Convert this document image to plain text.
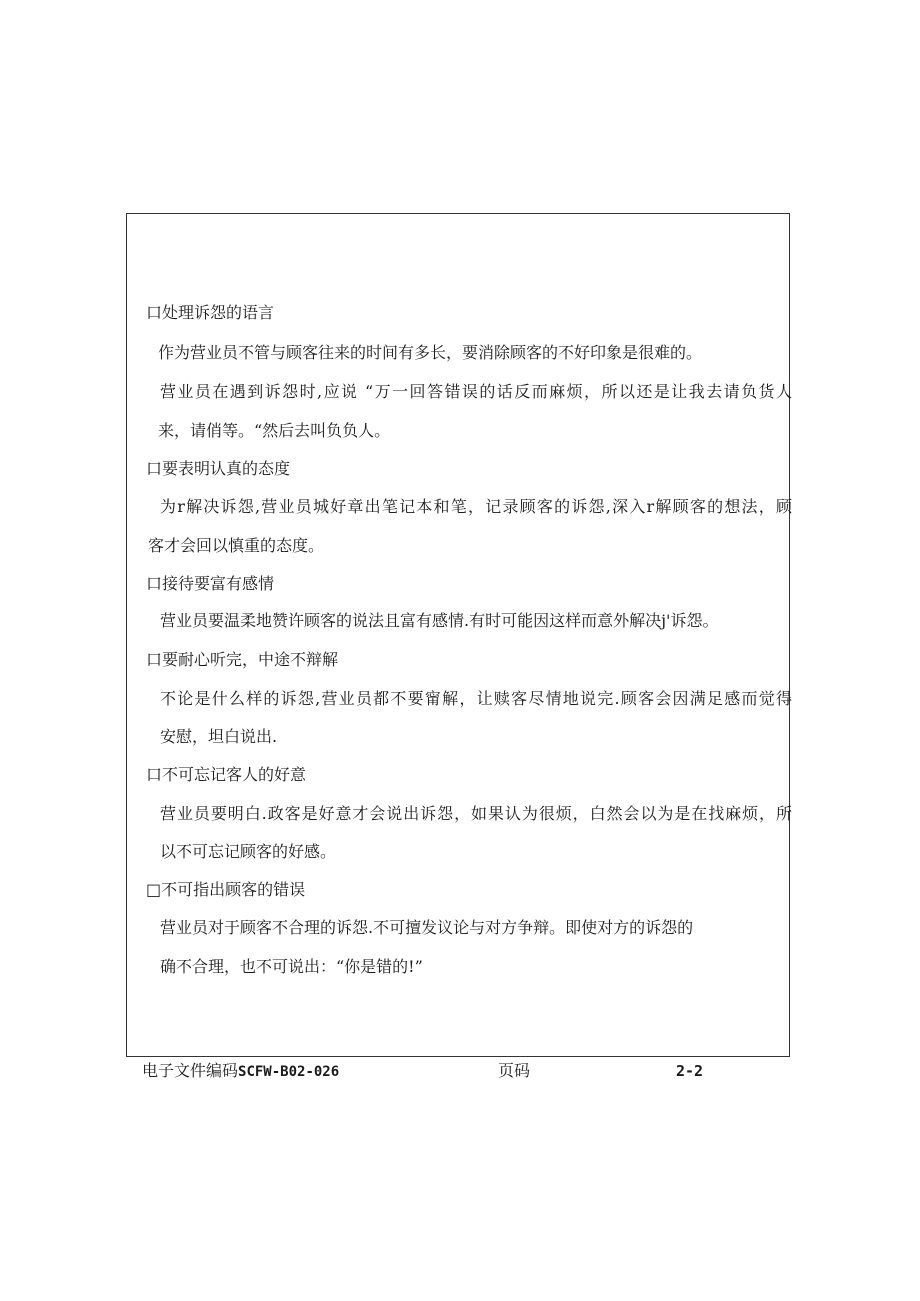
口处理诉怨的语言
作为营业员不管与顾客往来的时间有多长，要消除顾客的不好印象是很难的。
营业员在遇到诉怨时,应说 “万一回答错误的话反而麻烦，所以还是让我去请负货人
来，请俏等。“然后去叫负负人。
口要表明认真的态度
为r解决诉怨,营业员城好章出笔记本和笔，记录顾客的诉怨,深入r解顾客的想法，顾
客才会回以慎重的态度。
口接待要富有感情
营业员要温柔地赞许顾客的说法且富有感情.有时可能因这样而意外解决j'诉怨。
口要耐心听完，中途不辩解
不论是什么样的诉怨,营业员都不要甯解，让赎客尽情地说完.顾客会因满足感而觉得
安慰，坦白说出.
口不可忘记客人的好意
营业员要明白.政客是好意才会说出诉怨，如果认为很烦，白然会以为是在找麻烦，所
以不可忘记顾客的好感。
□不可指出顾客的错误
营业员对于顾客不合理的诉怨.不可擅发议论与对方争辩。即使对方的诉怨的
确不合理，也不可说出：“你是错的!”
电子文件编码SCFW-B02-026	页码	2-2
